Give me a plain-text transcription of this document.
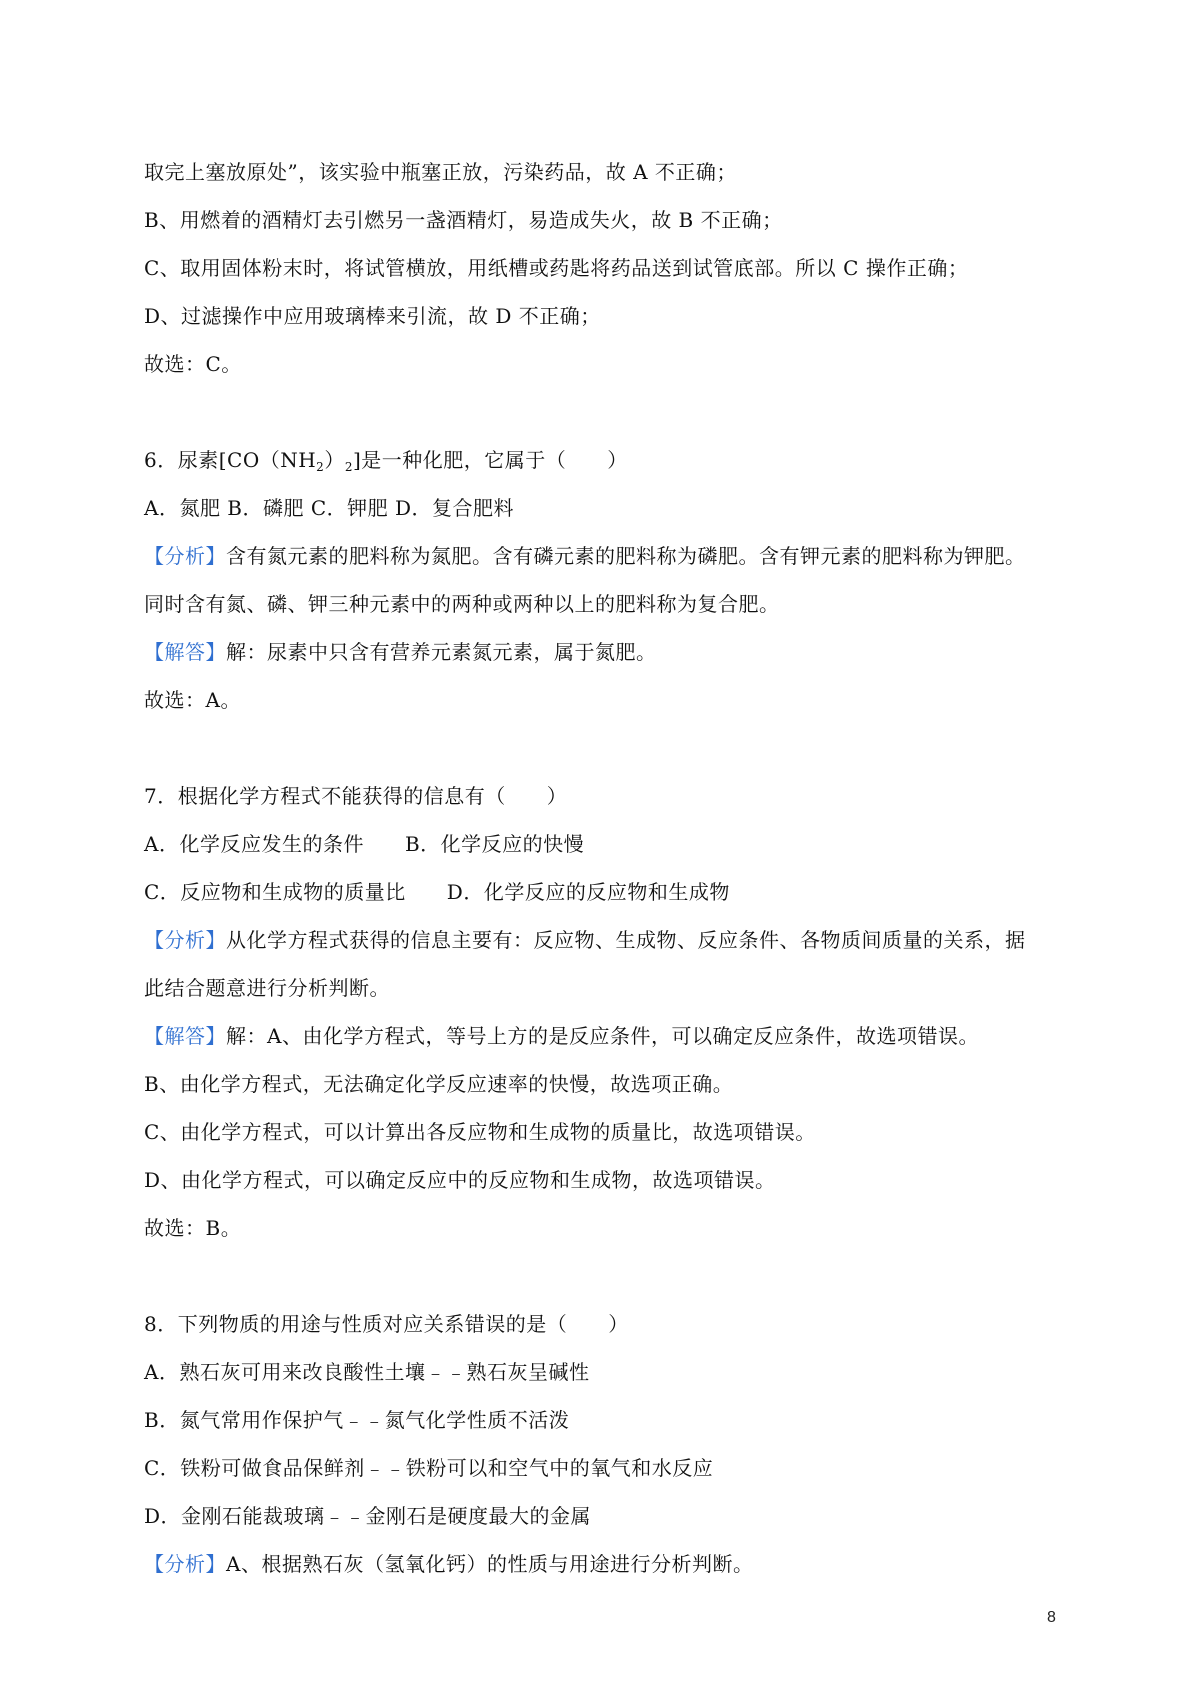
取完上塞放原处”，该实验中瓶塞正放，污染药品，故 A 不正确；

B、用燃着的酒精灯去引燃另一盏酒精灯，易造成失火，故 B 不正确；

C、取用固体粉末时，将试管横放，用纸槽或药匙将药品送到试管底部。所以 C 操作正确；

D、过滤操作中应用玻璃棒来引流，故 D 不正确；

故选：C。

6．尿素$[CO(NH_2)_2]$是一种化肥，它属于（　　）

A．氮肥 B．磷肥 C．钾肥 D．复合肥料

【分析】含有氮元素的肥料称为氮肥。含有磷元素的肥料称为磷肥。含有钾元素的肥料称为钾肥。

同时含有氮、磷、钾三种元素中的两种或两种以上的肥料称为复合肥。

【解答】解：尿素中只含有营养元素氮元素，属于氮肥。

故选：A。

7．根据化学方程式不能获得的信息有（　　）

A．化学反应发生的条件　　B．化学反应的快慢

C．反应物和生成物的质量比　　D．化学反应的反应物和生成物

【分析】从化学方程式获得的信息主要有：反应物、生成物、反应条件、各物质间质量的关系，据

此结合题意进行分析判断。

【解答】解：A、由化学方程式，等号上方的是反应条件，可以确定反应条件，故选项错误。

B、由化学方程式，无法确定化学反应速率的快慢，故选项正确。

C、由化学方程式，可以计算出各反应物和生成物的质量比，故选项错误。

D、由化学方程式，可以确定反应中的反应物和生成物，故选项错误。

故选：B。

8．下列物质的用途与性质对应关系错误的是（　　）

A．熟石灰可用来改良酸性土壤﹣﹣熟石灰呈碱性

B．氮气常用作保护气﹣﹣氮气化学性质不活泼

C．铁粉可做食品保鲜剂﹣﹣铁粉可以和空气中的氧气和水反应

D．金刚石能裁玻璃﹣﹣金刚石是硬度最大的金属

【分析】A、根据熟石灰（氢氧化钙）的性质与用途进行分析判断。

8
